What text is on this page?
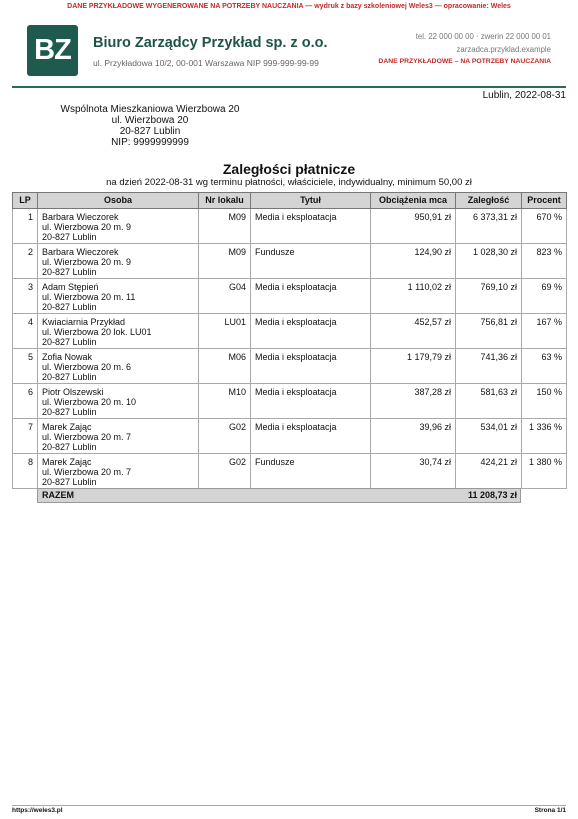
DANE PRZYKŁADOWE WYGENEROWANE NA POTRZEBY NAUCZANIA — wydruk z bazy szkoleniowej Weles3 — opracowanie: Weles
BZ	Biuro Zarządcy Przykład sp. z o.o.
ul. Przykładowa 10/2, 00-001 Warszawa NIP 999-999-99-99
tel. 22 000 00 00 · zwerin 22 000 00 01
zarzadca.przyklad.example
DANE PRZYKŁADOWE – NA POTRZEBY NAUCZANIA
Lublin, 2022-08-31
Wspólnota Mieszkaniowa Wierzbowa 20
ul. Wierzbowa 20
20-827 Lublin
NIP: 9999999999
Zaległości płatnicze
na dzień 2022-08-31 wg terminu płatności, właściciele, indywidualny, minimum 50,00 zł
LP	Osoba	Nr lokalu	Tytuł	Obciążenia mca	Zaległość	Procent
1	Barbara Wieczorek
ul. Wierzbowa 20 m. 9
20-827 Lublin	M09	Media i eksploatacja	950,91 zł	6 373,31 zł	670 %
2	Barbara Wieczorek
ul. Wierzbowa 20 m. 9
20-827 Lublin	M09	Fundusze	124,90 zł	1 028,30 zł	823 %
3	Adam Stępień
ul. Wierzbowa 20 m. 11
20-827 Lublin	G04	Media i eksploatacja	1 110,02 zł	769,10 zł	69 %
4	Kwiaciarnia Przykład
ul. Wierzbowa 20 lok. LU01
20-827 Lublin	LU01	Media i eksploatacja	452,57 zł	756,81 zł	167 %
5	Zofia Nowak
ul. Wierzbowa 20 m. 6
20-827 Lublin	M06	Media i eksploatacja	1 179,79 zł	741,36 zł	63 %
6	Piotr Olszewski
ul. Wierzbowa 20 m. 10
20-827 Lublin	M10	Media i eksploatacja	387,28 zł	581,63 zł	150 %
7	Marek Zając
ul. Wierzbowa 20 m. 7
20-827 Lublin	G02	Media i eksploatacja	39,96 zł	534,01 zł	1 336 %
8	Marek Zając
ul. Wierzbowa 20 m. 7
20-827 Lublin	G02	Fundusze	30,74 zł	424,21 zł	1 380 %
RAZEM	11 208,73 zł
https://weles3.pl	Strona 1/1
